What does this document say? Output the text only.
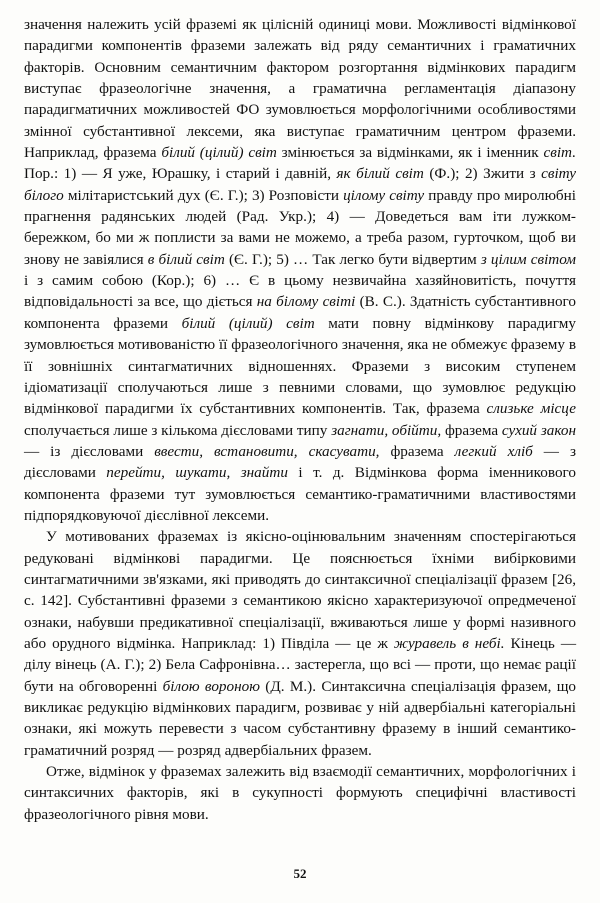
значення належить усій фраземі як цілісній одиниці мови. Можливості відмінкової парадигми компонентів фраземи залежать від ряду семантичних і граматичних факторів. Основним семантичним фактором розгортання відмінкових парадигм виступає фразеологічне значення, а граматична регламентація діапазону парадигматичних можливостей ФО зумовлюється морфологічними особливостями змінної субстантивної лексеми, яка виступає граматичним центром фраземи. Наприклад, фразема білий (цілий) світ змінюється за відмінками, як і іменник світ. Пор.: 1) — Я уже, Юрашку, і старий і давній, як білий світ (Ф.); 2) Зжити з світу білого мілітаристський дух (Є. Г.); 3) Розповісти цілому світу правду про миролюбні прагнення радянських людей (Рад. Укр.); 4) — Доведеться вам іти лужком-бережком, бо ми ж поплисти за вами не можемо, а треба разом, гурточком, щоб ви знову не завіялися в білий світ (Є. Г.); 5) … Так легко бути відвертим з цілим світом і з самим собою (Кор.); 6) … Є в цьому незвичайна хазяйновитість, почуття відповідальності за все, що діється на білому світі (В. С.). Здатність субстантивного компонента фраземи білий (цілий) світ мати повну відмінкову парадигму зумовлюється мотивованістю її фразеологічного значення, яка не обмежує фразему в її зовнішніх синтагматичних відношеннях. Фраземи з високим ступенем ідіоматизації сполучаються лише з певними словами, що зумовлює редукцію відмінкової парадигми їх субстантивних компонентів. Так, фразема слизьке місце сполучається лише з кількома дієсловами типу загнати, обійти, фразема сухий закон — із дієсловами ввести, встановити, скасувати, фразема легкий хліб — з дієсловами перейти, шукати, знайти і т. д. Відмінкова форма іменникового компонента фраземи тут зумовлюється семантико-граматичними властивостями підпорядковуючої дієслівної лексеми.

У мотивованих фраземах із якісно-оцінювальним значенням спостерігаються редуковані відмінкові парадигми. Це пояснюється їхніми вибірковими синтагматичними зв'язками, які приводять до синтаксичної спеціалізації фразем [26, с. 142]. Субстантивні фраземи з семантикою якісно характеризуючої опредмеченої ознаки, набувши предикативної спеціалізації, вживаються лише у формі називного або орудного відмінка. Наприклад: 1) Півділа — це ж журавель в небі. Кінець — ділу вінець (А. Г.); 2) Бела Сафронівна… застерегла, що всі — проти, що немає рації бути на обговоренні білою вороною (Д. М.). Синтаксична спеціалізація фразем, що викликає редукцію відмінкових парадигм, розвиває у ній адвербіальні категоріальні ознаки, які можуть перевести з часом субстантивну фразему в інший семантико-граматичний розряд — розряд адвербіальних фразем.

Отже, відмінок у фраземах залежить від взаємодії семантичних, морфологічних і синтаксичних факторів, які в сукупності формують специфічні властивості фразеологічного рівня мови.

52
